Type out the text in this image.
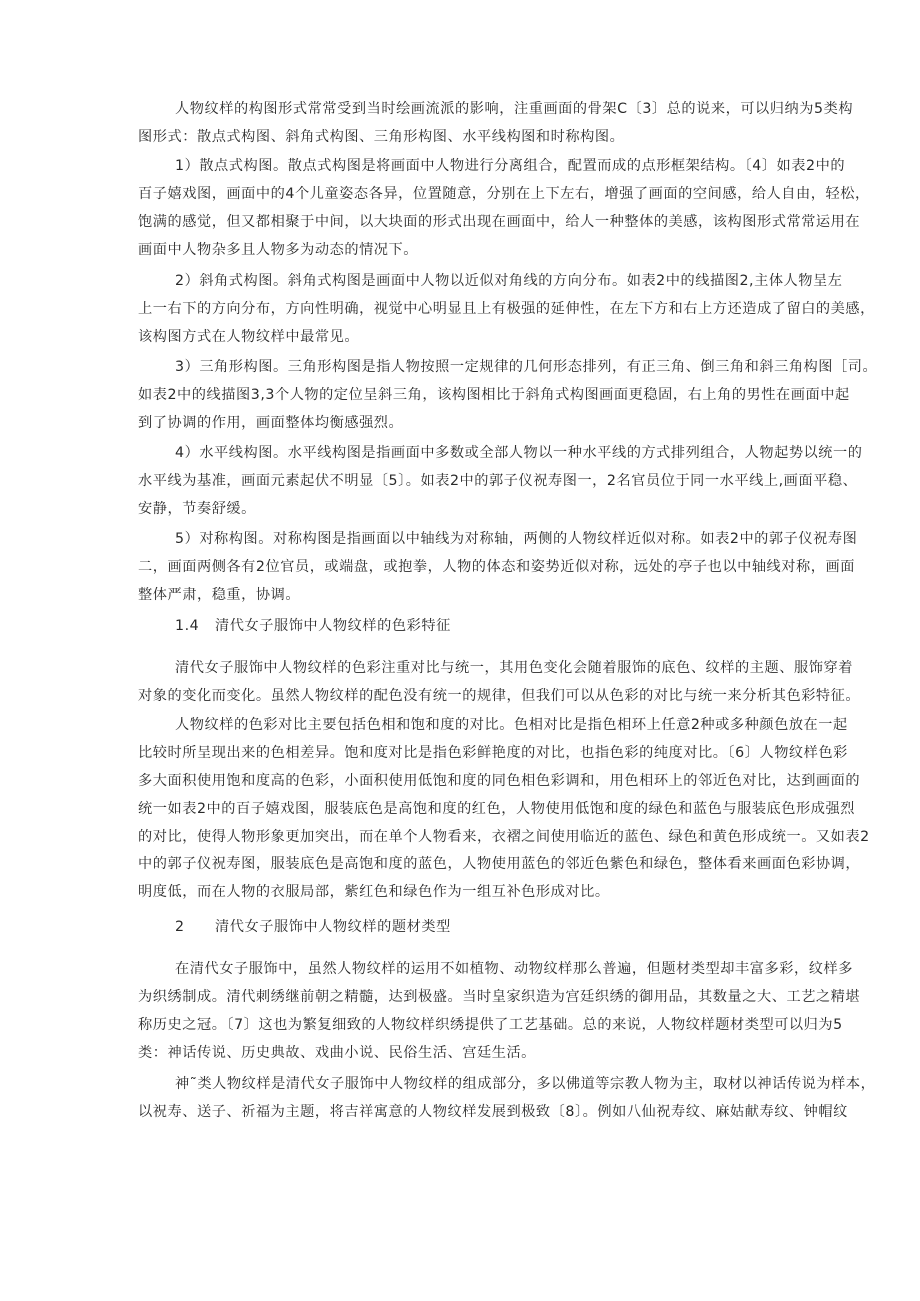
人物纹样的构图形式常常受到当时绘画流派的影响，注重画面的骨架C〔3〕总的说来，可以归纳为5类构
图形式：散点式构图、斜角式构图、三角形构图、水平线构图和时称构图。
1）散点式构图。散点式构图是将画面中人物进行分离组合，配置而成的点形框架结构。〔4〕如表2中的
百子嬉戏图，画面中的4个儿童姿态各异，位置随意，分别在上下左右，增强了画面的空间感，给人自由，轻松，
饱满的感觉，但又都相聚于中间，以大块面的形式出现在画面中，给人一种整体的美感，该构图形式常常运用在
画面中人物杂多且人物多为动态的情况下。
2）斜角式构图。斜角式构图是画面中人物以近似对角线的方向分布。如表2中的线描图2,主体人物呈左
上一右下的方向分布，方向性明确，视觉中心明显且上有极强的延伸性，在左下方和右上方还造成了留白的美感，
该构图方式在人物纹样中最常见。
3）三角形构图。三角形构图是指人物按照一定规律的几何形态排列，有正三角、倒三角和斜三角构图［司。
如表2中的线描图3,3个人物的定位呈斜三角，该构图相比于斜角式构图画面更稳固，右上角的男性在画面中起
到了协调的作用，画面整体均衡感强烈。
4）水平线构图。水平线构图是指画面中多数或全部人物以一种水平线的方式排列组合，人物起势以统一的
水平线为基准，画面元素起伏不明显〔5〕。如表2中的郭子仪祝寿图一，2名官员位于同一水平线上,画面平稳、
安静，节奏舒缓。
5）对称构图。对称构图是指画面以中轴线为对称轴，两侧的人物纹样近似对称。如表2中的郭子仪祝寿图
二，画面两侧各有2位官员，或端盘，或抱拳，人物的体态和姿势近似对称，远处的亭子也以中轴线对称，画面
整体严肃，稳重，协调。
1.4 清代女子服饰中人物纹样的色彩特征
清代女子服饰中人物纹样的色彩注重对比与统一，其用色变化会随着服饰的底色、纹样的主题、服饰穿着
对象的变化而变化。虽然人物纹样的配色没有统一的规律，但我们可以从色彩的对比与统一来分析其色彩特征。
人物纹样的色彩对比主要包括色相和饱和度的对比。色相对比是指色相环上任意2种或多种颜色放在一起
比较时所呈现出来的色相差异。饱和度对比是指色彩鲜艳度的对比，也指色彩的纯度对比。〔6〕人物纹样色彩
多大面积使用饱和度高的色彩，小面积使用低饱和度的同色相色彩调和，用色相环上的邻近色对比，达到画面的
统一如表2中的百子嬉戏图，服装底色是高饱和度的红色，人物使用低饱和度的绿色和蓝色与服装底色形成强烈
的对比，使得人物形象更加突出，而在单个人物看来，衣褶之间使用临近的蓝色、绿色和黄色形成统一。又如表2
中的郭子仪祝寿图，服装底色是高饱和度的蓝色，人物使用蓝色的邻近色紫色和绿色，整体看来画面色彩协调，
明度低，而在人物的衣服局部，紫红色和绿色作为一组互补色形成对比。
2 清代女子服饰中人物纹样的题材类型
在清代女子服饰中，虽然人物纹样的运用不如植物、动物纹样那么普遍，但题材类型却丰富多彩，纹样多
为织绣制成。清代刺绣继前朝之精髓，达到极盛。当时皇家织造为宫廷织绣的御用品，其数量之大、工艺之精堪
称历史之冠。〔7〕这也为繁复细致的人物纹样织绣提供了工艺基础。总的来说，人物纹样题材类型可以归为5
类：神话传说、历史典故、戏曲小说、民俗生活、宫廷生活。
神˜类人物纹样是清代女子服饰中人物纹样的组成部分，多以佛道等宗教人物为主，取材以神话传说为样本，
以祝寿、送子、祈福为主题，将吉祥寓意的人物纹样发展到极致〔8〕。例如八仙祝寿纹、麻姑献寿纹、钟帽纹
